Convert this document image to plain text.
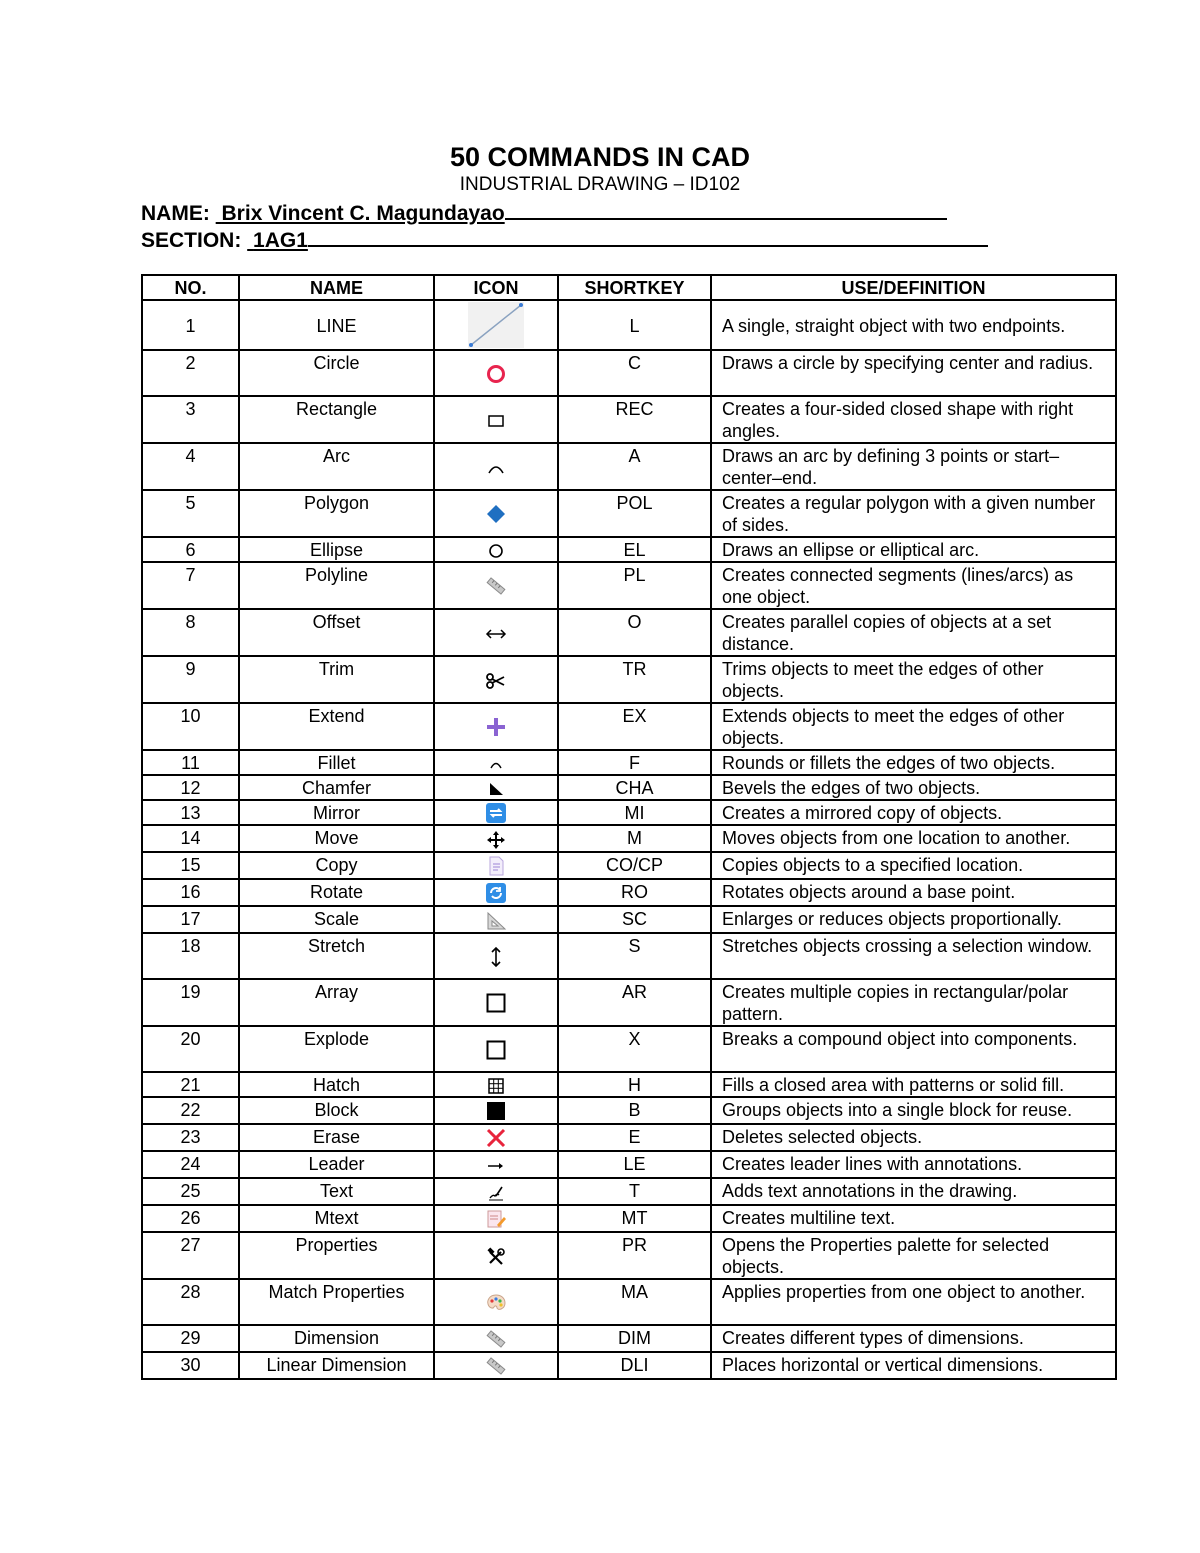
50 COMMANDS IN CAD
INDUSTRIAL DRAWING – ID102
NAME: Brix Vincent C. Magundayao
SECTION: 1AG1
NO.	NAME	ICON	SHORTKEY	USE/DEFINITION
1	LINE		L	A single, straight object with two endpoints.
2	Circle		C	Draws a circle by specifying center and radius.
3	Rectangle		REC	Creates a four-sided closed shape with right angles.
4	Arc		A	Draws an arc by defining 3 points or start–center–end.
5	Polygon		POL	Creates a regular polygon with a given number of sides.
6	Ellipse		EL	Draws an ellipse or elliptical arc.
7	Polyline		PL	Creates connected segments (lines/arcs) as one object.
8	Offset		O	Creates parallel copies of objects at a set distance.
9	Trim		TR	Trims objects to meet the edges of other objects.
10	Extend		EX	Extends objects to meet the edges of other objects.
11	Fillet		F	Rounds or fillets the edges of two objects.
12	Chamfer		CHA	Bevels the edges of two objects.
13	Mirror		MI	Creates a mirrored copy of objects.
14	Move		M	Moves objects from one location to another.
15	Copy		CO/CP	Copies objects to a specified location.
16	Rotate		RO	Rotates objects around a base point.
17	Scale		SC	Enlarges or reduces objects proportionally.
18	Stretch		S	Stretches objects crossing a selection window.
19	Array		AR	Creates multiple copies in rectangular/polar pattern.
20	Explode		X	Breaks a compound object into components.
21	Hatch		H	Fills a closed area with patterns or solid fill.
22	Block		B	Groups objects into a single block for reuse.
23	Erase		E	Deletes selected objects.
24	Leader		LE	Creates leader lines with annotations.
25	Text		T	Adds text annotations in the drawing.
26	Mtext		MT	Creates multiline text.
27	Properties		PR	Opens the Properties palette for selected objects.
28	Match Properties		MA	Applies properties from one object to another.
29	Dimension		DIM	Creates different types of dimensions.
30	Linear Dimension		DLI	Places horizontal or vertical dimensions.
